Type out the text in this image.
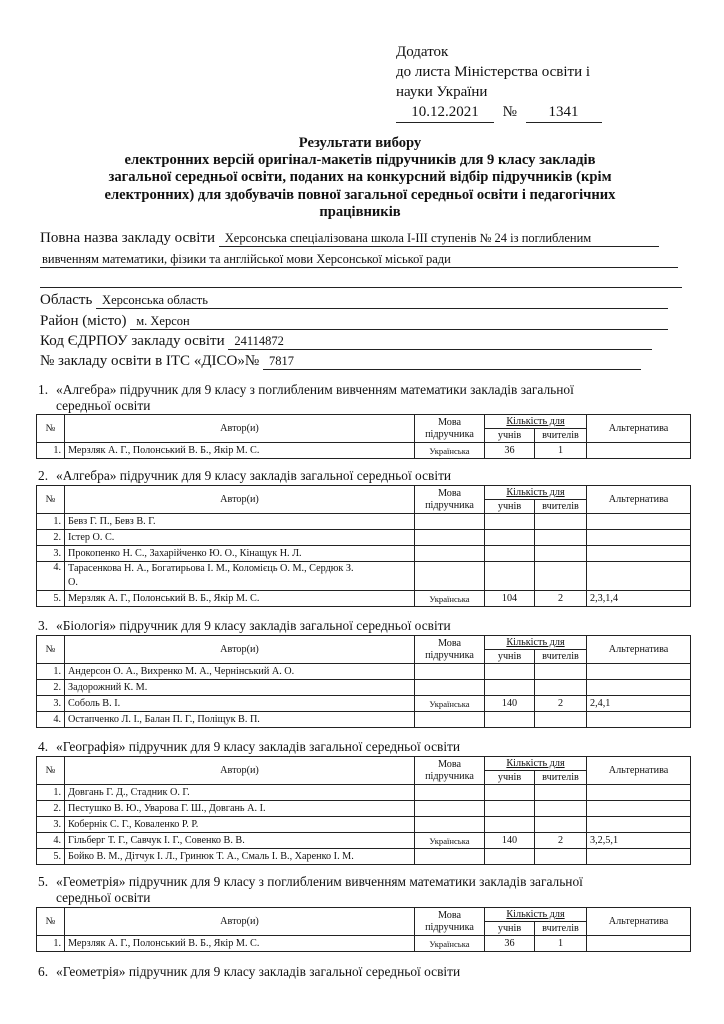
Додаток
до листа Міністерства освіти і
науки України
10.12.2021 № 1341
Результати вибору
електронних версій оригінал-макетів підручників для 9 класу закладів
загальної середньої освіти, поданих на конкурсний відбір підручників (крім
електронних) для здобувачів повної загальної середньої освіти і педагогічних
працівників
Повна назва закладу освіти Херсонська спеціалізована школа І-ІІІ ступенів № 24 із поглибленим
вивченням математики, фізики та англійської мови Херсонської міської ради
Область Херсонська область
Район (місто) м. Херсон
Код ЄДРПОУ закладу освіти 24114872
№ закладу освіти в ІТС «ДІСО»№ 7817
1. «Алгебра» підручник для 9 класу з поглибленим вивченням математики закладів загальної
середньої освіти
№	Автор(и)	Мова
підручника	Кількість для		Альтернатива
			учнів	вчителів	
1.	Мерзляк А. Г., Полонський В. Б., Якір М. С.	Українська	36	1	
2. «Алгебра» підручник для 9 класу закладів загальної середньої освіти
№	Автор(и)	Мова
підручника	Кількість для		Альтернатива
			учнів	вчителів	
1.	Бевз Г. П., Бевз В. Г.				
2.	Істер О. С.				
3.	Прокопенко Н. С., Захарійченко Ю. О., Кінащук Н. Л.				
4.	Тарасенкова Н. А., Богатирьова І. М., Коломієць О. М., Сердюк З.
О.				
5.	Мерзляк А. Г., Полонський В. Б., Якір М. С.	Українська	104	2	2,3,1,4
3. «Біологія» підручник для 9 класу закладів загальної середньої освіти
№	Автор(и)	Мова
підручника	Кількість для		Альтернатива
			учнів	вчителів	
1.	Андерсон О. А., Вихренко М. А., Чернінський А. О.				
2.	Задорожний К. М.				
3.	Соболь В. І.	Українська	140	2	2,4,1
4.	Остапченко Л. І., Балан П. Г., Поліщук В. П.				
4. «Географія» підручник для 9 класу закладів загальної середньої освіти
№	Автор(и)	Мова
підручника	Кількість для		Альтернатива
			учнів	вчителів	
1.	Довгань Г. Д., Стадник О. Г.				
2.	Пестушко В. Ю., Уварова Г. Ш., Довгань А. І.				
3.	Кобернік С. Г., Коваленко Р. Р.				
4.	Гільберг Т. Г., Савчук І. Г., Совенко В. В.	Українська	140	2	3,2,5,1
5.	Бойко В. М., Дітчук І. Л., Гринюк Т. А., Смаль І. В., Харенко І. М.				
5. «Геометрія» підручник для 9 класу з поглибленим вивченням математики закладів загальної
середньої освіти
№	Автор(и)	Мова
підручника	Кількість для		Альтернатива
			учнів	вчителів	
1.	Мерзляк А. Г., Полонський В. Б., Якір М. С.	Українська	36	1	
6. «Геометрія» підручник для 9 класу закладів загальної середньої освіти
